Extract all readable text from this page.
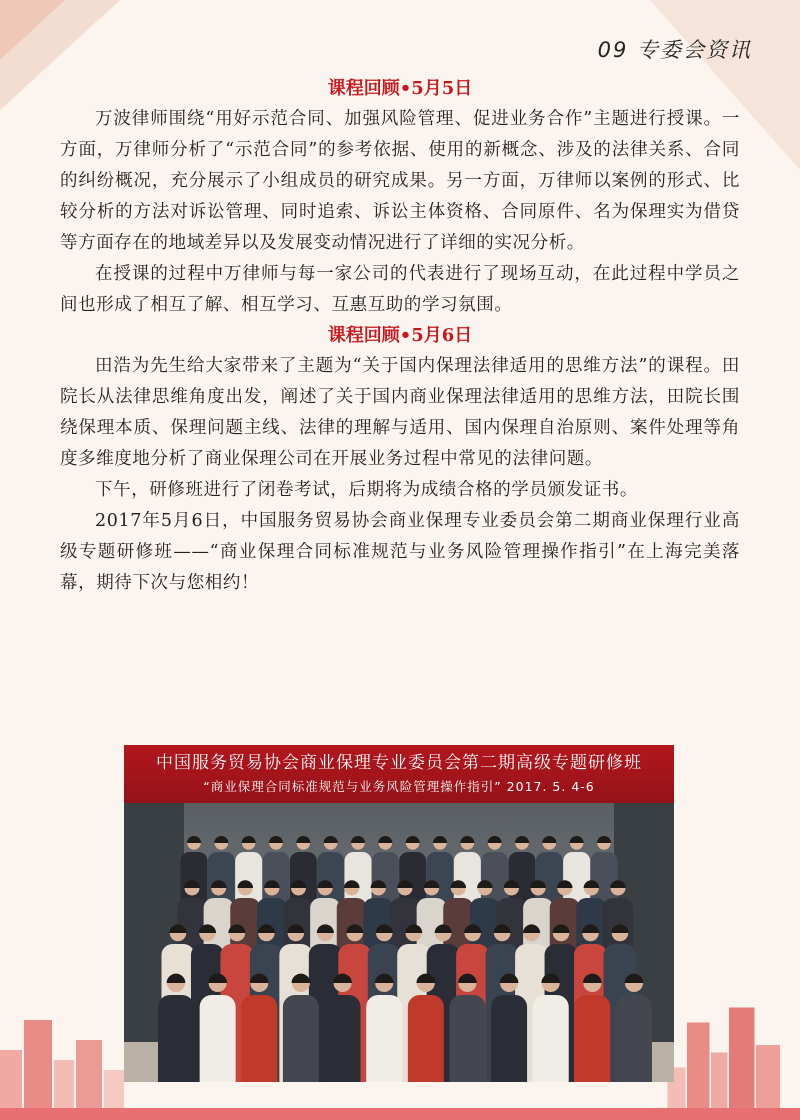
09 专委会资讯

课程回顾•5月5日

万波律师围绕“用好示范合同、加强风险管理、促进业务合作”主题进行授课。一方面，万律师分析了“示范合同”的参考依据、使用的新概念、涉及的法律关系、合同的纠纷概况，充分展示了小组成员的研究成果。另一方面，万律师以案例的形式、比较分析的方法对诉讼管理、同时追索、诉讼主体资格、合同原件、名为保理实为借贷等方面存在的地域差异以及发展变动情况进行了详细的实况分析。

在授课的过程中万律师与每一家公司的代表进行了现场互动，在此过程中学员之间也形成了相互了解、相互学习、互惠互助的学习氛围。

课程回顾•5月6日

田浩为先生给大家带来了主题为“关于国内保理法律适用的思维方法”的课程。田院长从法律思维角度出发，阐述了关于国内商业保理法律适用的思维方法，田院长围绕保理本质、保理问题主线、法律的理解与适用、国内保理自治原则、案件处理等角度多维度地分析了商业保理公司在开展业务过程中常见的法律问题。

下午，研修班进行了闭卷考试，后期将为成绩合格的学员颁发证书。

2017年5月6日，中国服务贸易协会商业保理专业委员会第二期商业保理行业高级专题研修班——“商业保理合同标准规范与业务风险管理操作指引”在上海完美落幕，期待下次与您相约！

中国服务贸易协会商业保理专业委员会第二期高级专题研修班
“商业保理合同标准规范与业务风险管理操作指引” 2017. 5. 4-6
